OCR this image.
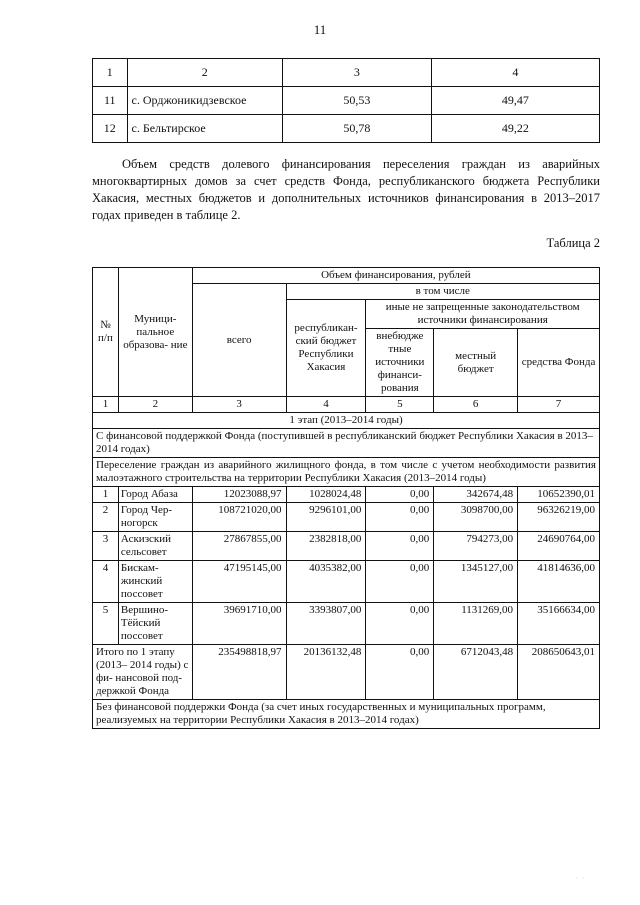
11
1	2	3	4
11	с. Орджоникидзевское	50,53	49,47
12	с. Бельтирское	50,78	49,22

Объем средств долевого финансирования переселения граждан из аварийных многоквартирных домов за счет средств Фонда, республиканского бюджета Республики Хакасия, местных бюджетов и дополнительных источников финансирования в 2013–2017 годах приведен в таблице 2.

Таблица 2
№ п/п	Муници- пальное образова- ние	Объем финансирования, рублей				
		всего	в том числе			
			республикан- ский бюджет Республики Хакасия	иные не запрещенные законодательством источники финансирования		
				внебюдже тные источники финанси- рования	местный бюджет	средства Фонда
1	2	3	4	5	6	7
1 этап (2013–2014 годы)						
С финансовой поддержкой Фонда (поступившей в республиканский бюджет Республики Хакасия в 2013–2014 годах)						
Переселение граждан из аварийного жилищного фонда, в том числе с учетом необходимости развития малоэтажного строительства на территории Республики Хакасия (2013–2014 годы)						
1	Город Абаза	12023088,97	1028024,48	0,00	342674,48	10652390,01
2	Город Чер- ногорск	108721020,00	9296101,00	0,00	3098700,00	96326219,00
3	Аскизский сельсовет	27867855,00	2382818,00	0,00	794273,00	24690764,00
4	Бискам- жинский поссовет	47195145,00	4035382,00	0,00	1345127,00	41814636,00
5	Вершино- Тёйский поссовет	39691710,00	3393807,00	0,00	1131269,00	35166634,00
Итого по 1 этапу (2013– 2014 годы) с фи- нансовой под- держкой Фонда		235498818,97	20136132,48	0,00	6712043,48	208650643,01
Без финансовой поддержки Фонда (за счет иных государственных и муниципальных программ, реализуемых на территории Республики Хакасия в 2013–2014 годах)						
· ·
